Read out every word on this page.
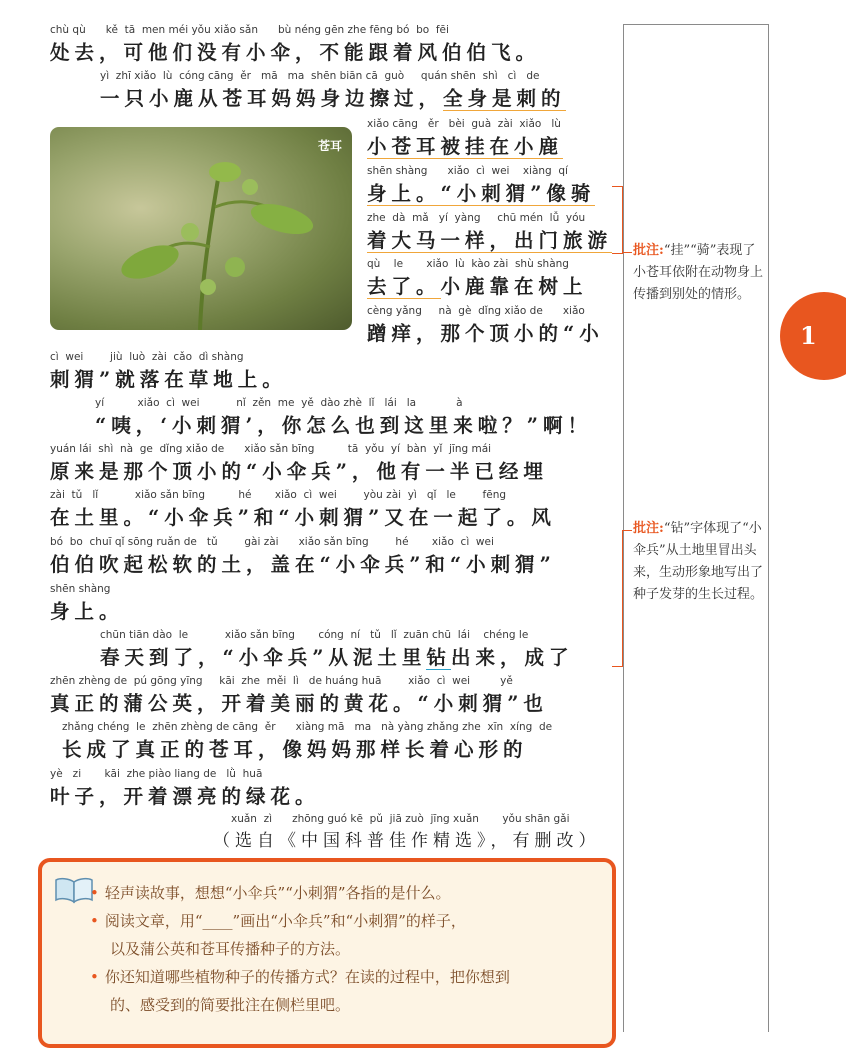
chù qù      kě  tā  men méi yǒu xiǎo sǎn      bù néng gēn zhe fēng bó  bo  fēi
处去，可他们没有小伞，不能跟着风伯伯飞。
yì  zhī xiǎo  lù  cóng cāng  ěr   mā   ma  shēn biān cā  guò     quán shēn  shì   cì   de
一只小鹿从苍耳妈妈身边擦过，全身是刺的
xiǎo cāng   ěr   bèi  guà  zài  xiǎo   lù
小苍耳被挂在小鹿
shēn shàng      xiǎo  cì  wei    xiàng  qí
身上。“小刺猬”像骑
zhe  dà  mǎ   yí  yàng     chū mén  lǚ  yóu
着大马一样，出门旅游
qù    le       xiǎo  lù  kào zài  shù shàng
去了。小鹿靠在树上
cèng yǎng     nà  gè  dǐng xiǎo de      xiǎo
蹭痒，那个顶小的“小
cì  wei        jiù  luò  zài  cǎo  dì shàng
刺猬”就落在草地上。
yí          xiǎo  cì  wei           nǐ  zěn  me  yě  dào zhè  lǐ   lái   la            à
“咦，‘小刺猬’，你怎么也到这里来啦？”啊！
yuán lái  shì  nà  ge  dǐng xiǎo de      xiǎo sǎn bīng          tā  yǒu  yí  bàn  yǐ  jīng mái
原来是那个顶小的“小伞兵”，他有一半已经埋
zài  tǔ   lǐ           xiǎo sǎn bīng          hé       xiǎo  cì  wei        yòu zài  yì   qǐ   le        fēng
在土里。“小伞兵”和“小刺猬”又在一起了。风
bó  bo  chuī qǐ sōng ruǎn de   tǔ        gài zài      xiǎo sǎn bīng        hé       xiǎo  cì  wei
伯伯吹起松软的土，盖在“小伞兵”和“小刺猬”
shēn shàng
身上。
chūn tiān dào  le           xiǎo sǎn bīng       cóng  ní   tǔ   lǐ  zuān chū  lái    chéng le
春天到了，“小伞兵”从泥土里钻出来，成了
zhēn zhèng de  pú gōng yīng     kāi  zhe  měi  lì   de huáng huā        xiǎo  cì  wei         yě
真正的蒲公英，开着美丽的黄花。“小刺猬”也
zhǎng chéng  le  zhēn zhèng de cāng  ěr      xiàng mā   ma   nà yàng zhǎng zhe  xīn  xíng  de
长成了真正的苍耳，像妈妈那样长着心形的
yè   zi       kāi  zhe piào liang de   lǜ  huā
叶子，开着漂亮的绿花。
xuǎn  zì      zhōng guó kē  pǔ  jiā zuò  jīng xuǎn       yǒu shān gǎi
（选自《中国科普佳作精选》，有删改）
苍耳
批注:“挂”“骑”表现了小苍耳依附在动物身上传播到别处的情形。
批注:“钻”字体现了“小伞兵”从土地里冒出头来，生动形象地写出了种子发芽的生长过程。
1
• 轻声读故事，想想“小伞兵”“小刺猬”各指的是什么。
• 阅读文章，用“____”画出“小伞兵”和“小刺猬”的样子，
以及蒲公英和苍耳传播种子的方法。
• 你还知道哪些植物种子的传播方式？在读的过程中，把你想到
的、感受到的简要批注在侧栏里吧。
